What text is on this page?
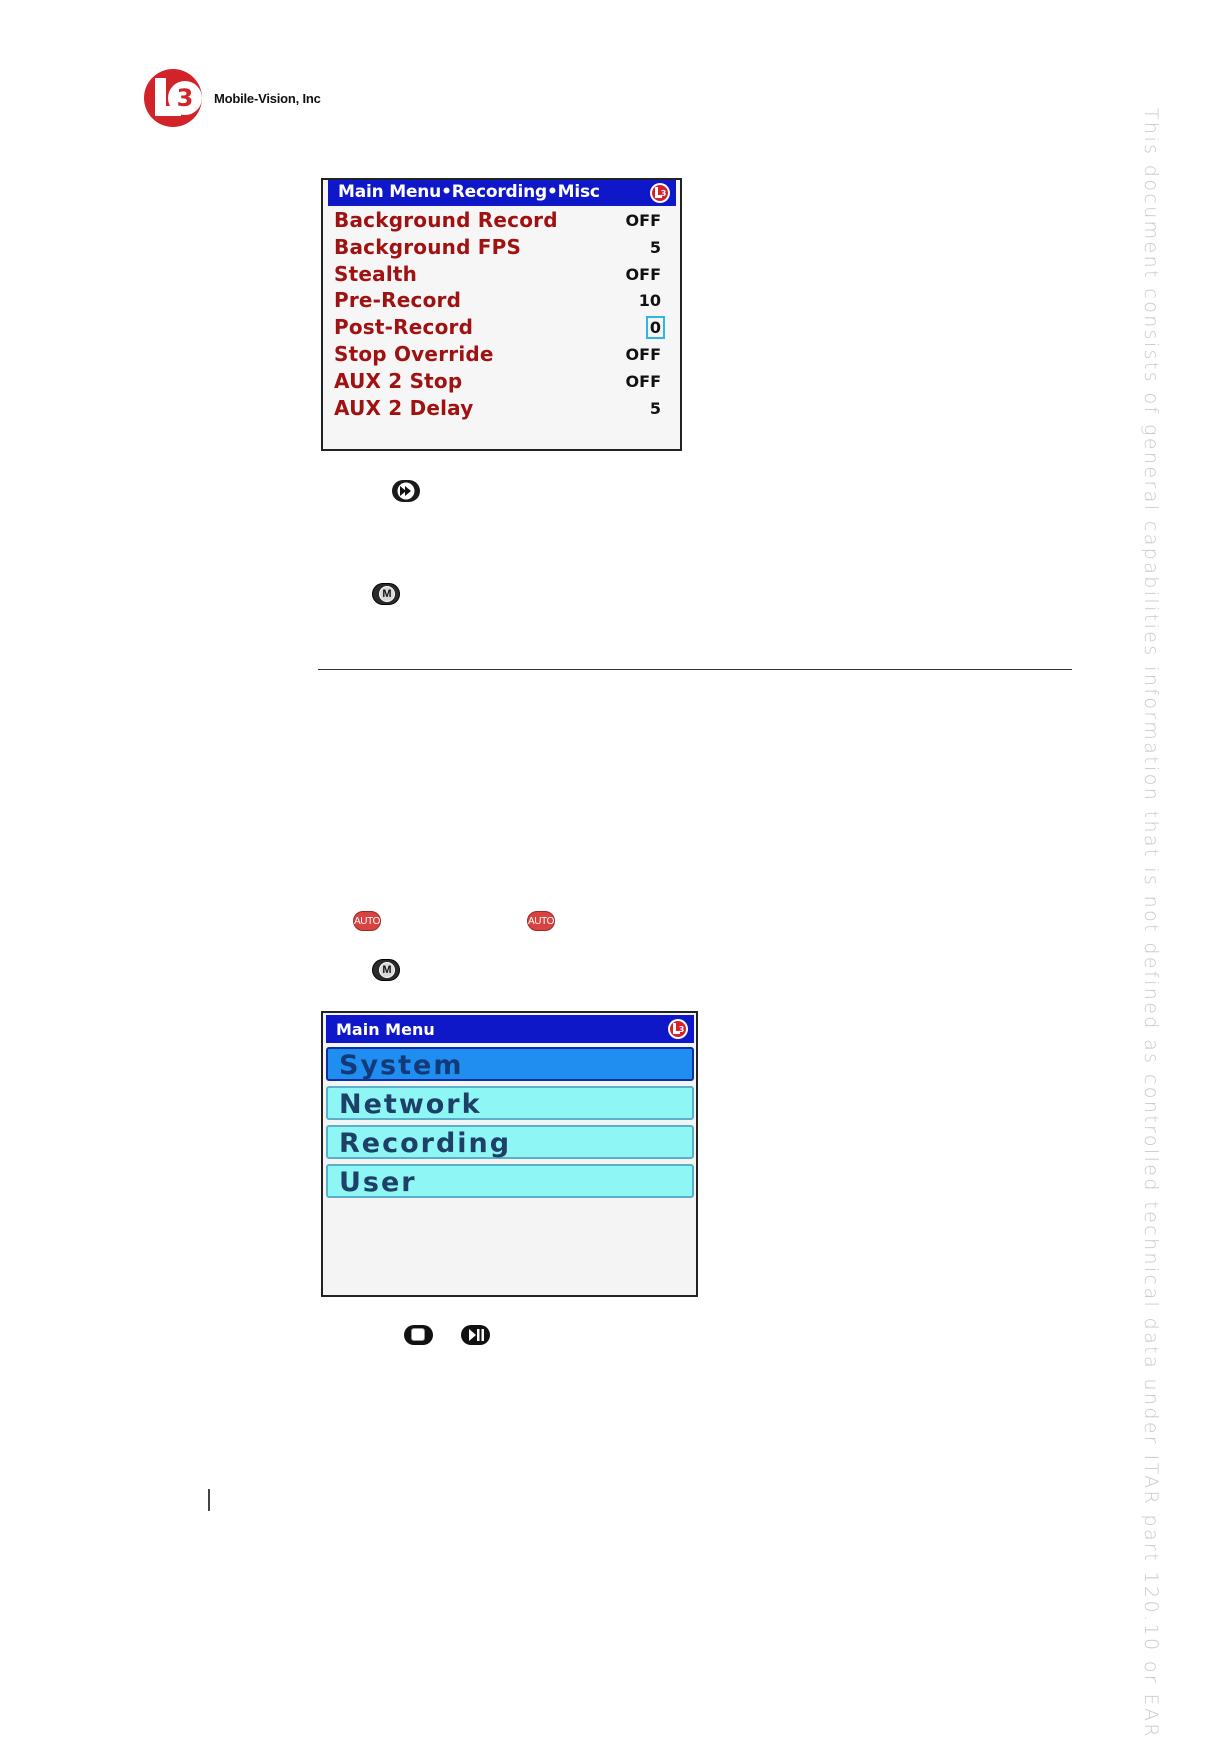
3 Mobile-Vision, Inc
This document consists of general capabilities information that is not defined as controlled technical data under ITAR part 120.10 or EAR
Main Menu•Recording•Misc	3
Background Record	OFF
Background FPS	5
Stealth	OFF
Pre-Record	10
Post-Record	0
Stop Override	OFF
AUX 2 Stop	OFF
AUX 2 Delay	5
M
AUTO	AUTO
M
Main Menu	3
System
Network
Recording
User
